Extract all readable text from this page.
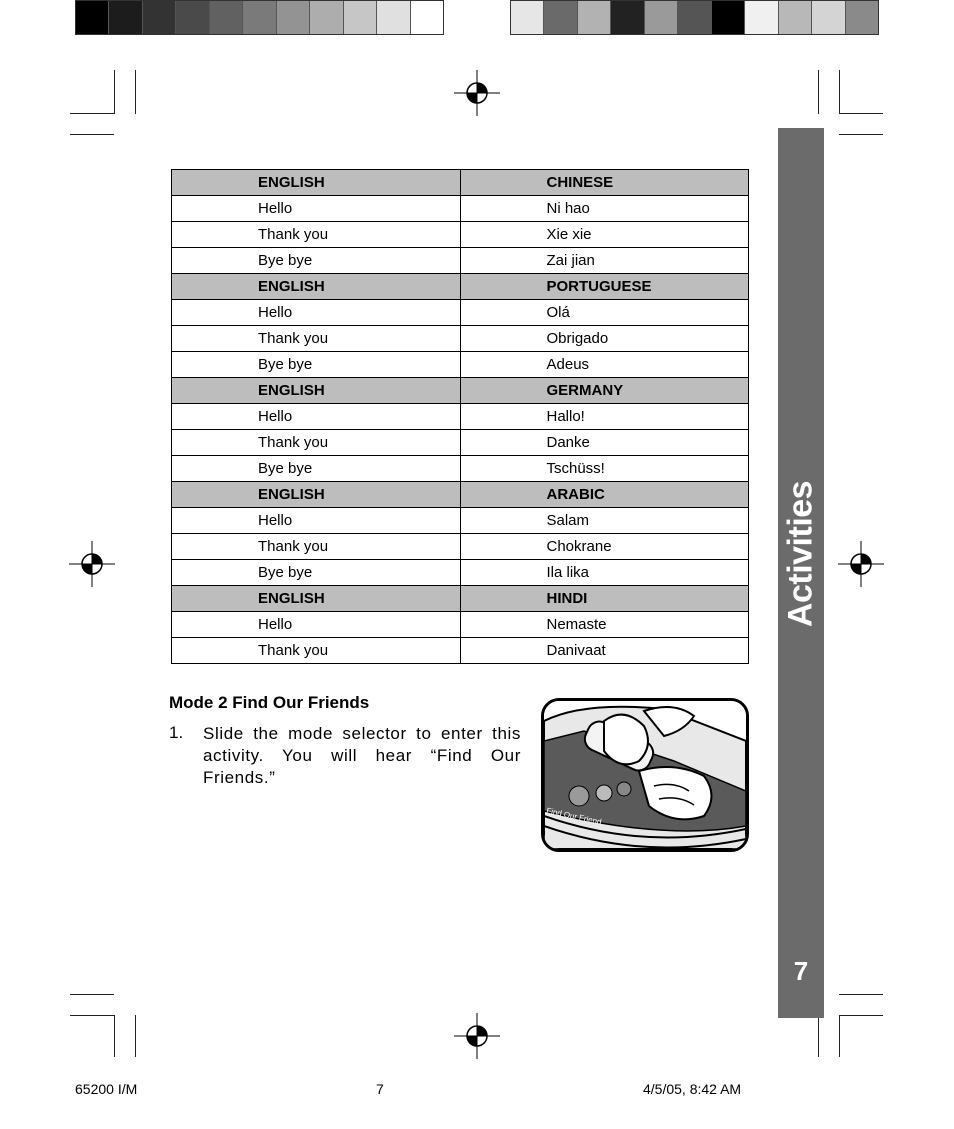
ENGLISH	CHINESE
Hello	Ni hao
Thank you	Xie xie
Bye bye	Zai jian
ENGLISH	PORTUGUESE
Hello	Olá
Thank you	Obrigado
Bye bye	Adeus
ENGLISH	GERMANY
Hello	Hallo!
Thank you	Danke
Bye bye	Tschüss!
ENGLISH	ARABIC
Hello	Salam
Thank you	Chokrane
Bye bye	Ila lika
ENGLISH	HINDI
Hello	Nemaste
Thank you	Danivaat
Mode 2 Find Our Friends
1. Slide the mode selector to enter this activity. You will hear “Find Our Friends.”
Find Our Friend
Activities
7
65200 I/M	7	4/5/05, 8:42 AM
